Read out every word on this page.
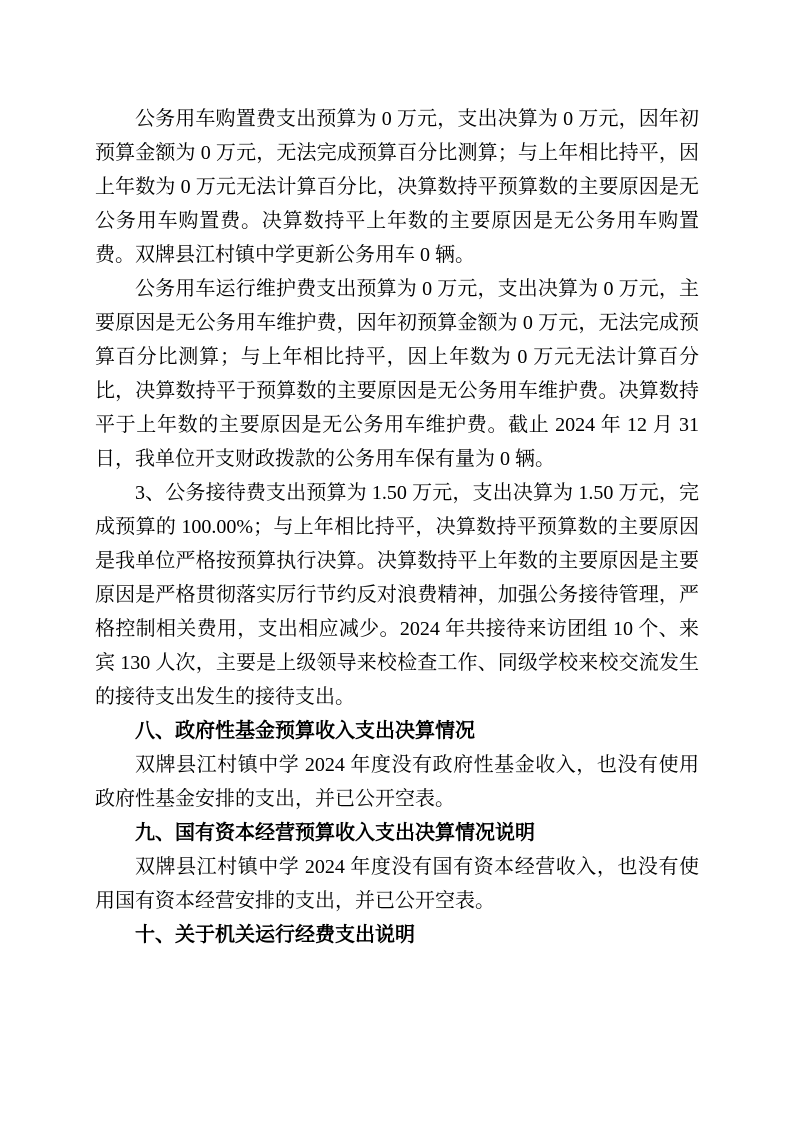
公务用车购置费支出预算为 0 万元，支出决算为 0 万元，因年初预算金额为 0 万元，无法完成预算百分比测算；与上年相比持平，因上年数为 0 万元无法计算百分比，决算数持平预算数的主要原因是无公务用车购置费。决算数持平上年数的主要原因是无公务用车购置费。双牌县江村镇中学更新公务用车 0 辆。

公务用车运行维护费支出预算为 0 万元，支出决算为 0 万元，主要原因是无公务用车维护费，因年初预算金额为 0 万元，无法完成预算百分比测算；与上年相比持平，因上年数为 0 万元无法计算百分比，决算数持平于预算数的主要原因是无公务用车维护费。决算数持平于上年数的主要原因是无公务用车维护费。截止 2024 年 12 月 31 日，我单位开支财政拨款的公务用车保有量为 0 辆。

3、公务接待费支出预算为 1.50 万元，支出决算为 1.50 万元，完成预算的 100.00%；与上年相比持平，决算数持平预算数的主要原因是我单位严格按预算执行决算。决算数持平上年数的主要原因是主要原因是严格贯彻落实厉行节约反对浪费精神，加强公务接待管理，严格控制相关费用，支出相应减少。2024 年共接待来访团组 10 个、来宾 130 人次，主要是上级领导来校检查工作、同级学校来校交流发生的接待支出发生的接待支出。

八、政府性基金预算收入支出决算情况

双牌县江村镇中学 2024 年度没有政府性基金收入，也没有使用政府性基金安排的支出，并已公开空表。

九、国有资本经营预算收入支出决算情况说明

双牌县江村镇中学 2024 年度没有国有资本经营收入，也没有使用国有资本经营安排的支出，并已公开空表。

十、关于机关运行经费支出说明
